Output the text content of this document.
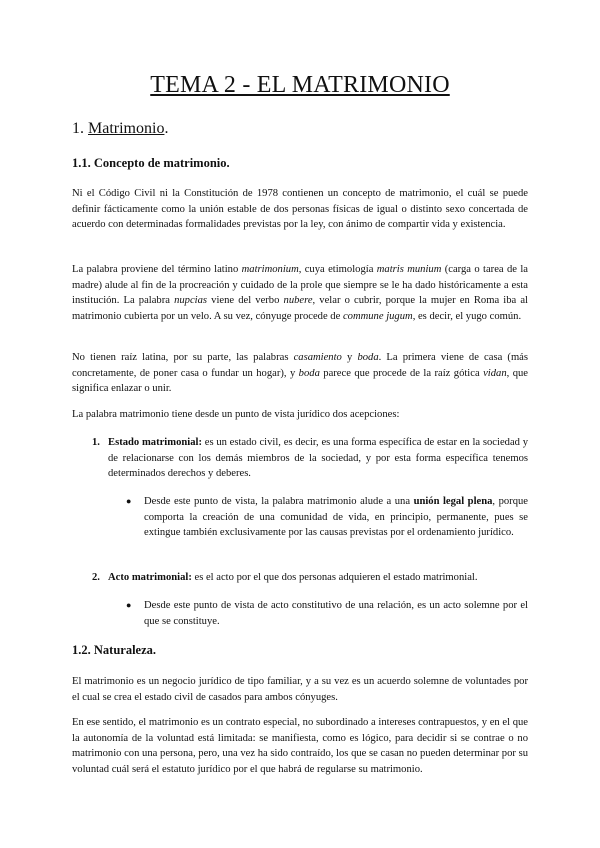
TEMA 2 - EL MATRIMONIO
1. Matrimonio.
1.1. Concepto de matrimonio.
Ni el Código Civil ni la Constitución de 1978 contienen un concepto de matrimonio, el cuál se puede definir fácticamente como la unión estable de dos personas físicas de igual o distinto sexo concertada de acuerdo con determinadas formalidades previstas por la ley, con ánimo de compartir vida y existencia.
La palabra proviene del término latino matrimonium, cuya etimología matris munium (carga o tarea de la madre) alude al fin de la procreación y cuidado de la prole que siempre se le ha dado históricamente a esta institución. La palabra nupcias viene del verbo nubere, velar o cubrir, porque la mujer en Roma iba al matrimonio cubierta por un velo. A su vez, cónyuge procede de commune jugum, es decir, el yugo común.
No tienen raíz latina, por su parte, las palabras casamiento y boda. La primera viene de casa (más concretamente, de poner casa o fundar un hogar), y boda parece que procede de la raíz gótica vidan, que significa enlazar o unir.
La palabra matrimonio tiene desde un punto de vista jurídico dos acepciones:
1. Estado matrimonial: es un estado civil, es decir, es una forma específica de estar en la sociedad y de relacionarse con los demás miembros de la sociedad, y por esta forma específica tenemos determinados derechos y deberes.
● Desde este punto de vista, la palabra matrimonio alude a una unión legal plena, porque comporta la creación de una comunidad de vida, en principio, permanente, pues se extingue también exclusivamente por las causas previstas por el ordenamiento jurídico.
2. Acto matrimonial: es el acto por el que dos personas adquieren el estado matrimonial.
● Desde este punto de vista de acto constitutivo de una relación, es un acto solemne por el que se constituye.
1.2. Naturaleza.
El matrimonio es un negocio jurídico de tipo familiar, y a su vez es un acuerdo solemne de voluntades por el cual se crea el estado civil de casados para ambos cónyuges.
En ese sentido, el matrimonio es un contrato especial, no subordinado a intereses contrapuestos, y en el que la autonomía de la voluntad está limitada: se manifiesta, como es lógico, para decidir si se contrae o no matrimonio con una persona, pero, una vez ha sido contraído, los que se casan no pueden determinar por su voluntad cuál será el estatuto jurídico por el que habrá de regularse su matrimonio.
